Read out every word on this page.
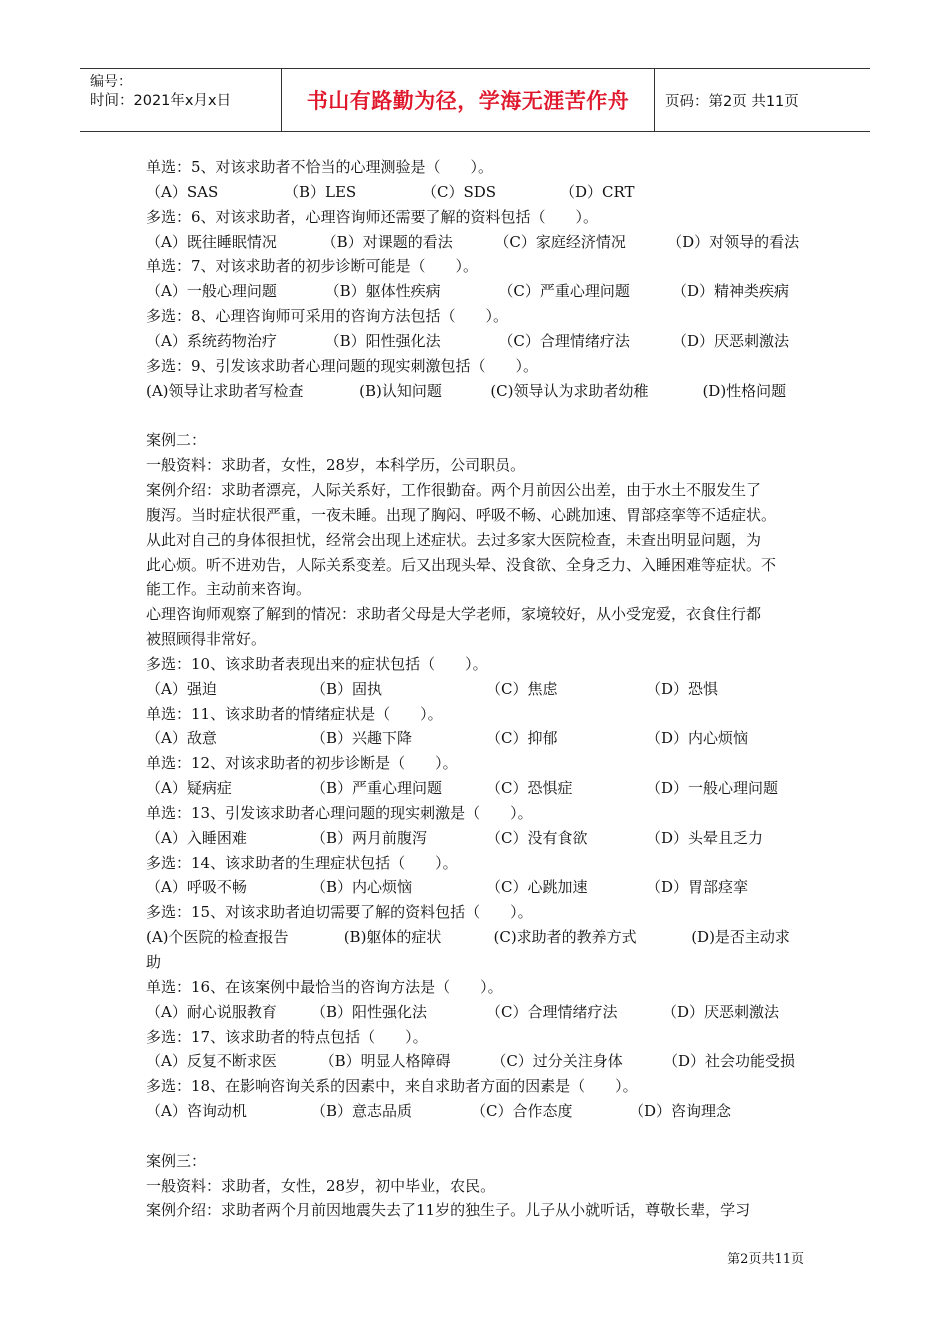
编号：
时间：2021年x月x日	书山有路勤为径，学海无涯苦作舟	页码：第2页 共11页
单选：5、对该求助者不恰当的心理测验是（　　）。
（A）SAS	（B）LES	（C）SDS	（D）CRT
多选：6、对该求助者，心理咨询师还需要了解的资料包括（　　）。
（A）既往睡眠情况	（B）对课题的看法	（C）家庭经济情况	（D）对领导的看法
单选：7、对该求助者的初步诊断可能是（　　）。
（A）一般心理问题	（B）躯体性疾病	（C）严重心理问题	（D）精神类疾病
多选：8、心理咨询师可采用的咨询方法包括（　　）。
（A）系统药物治疗	（B）阳性强化法	（C）合理情绪疗法	（D）厌恶刺激法
多选：9、引发该求助者心理问题的现实刺激包括（　　）。
(A)领导让求助者写检查	(B)认知问题	(C)领导认为求助者幼稚	(D)性格问题
案例二：
一般资料：求助者，女性，28岁，本科学历，公司职员。
案例介绍：求助者漂亮，人际关系好，工作很勤奋。两个月前因公出差，由于水土不服发生了
腹泻。当时症状很严重，一夜未睡。出现了胸闷、呼吸不畅、心跳加速、胃部痉挛等不适症状。
从此对自己的身体很担忧，经常会出现上述症状。去过多家大医院检查，未查出明显问题，为
此心烦。听不进劝告，人际关系变差。后又出现头晕、没食欲、全身乏力、入睡困难等症状。不
能工作。主动前来咨询。
心理咨询师观察了解到的情况：求助者父母是大学老师，家境较好，从小受宠爱，衣食住行都
被照顾得非常好。
多选：10、该求助者表现出来的症状包括（　　）。
（A）强迫	（B）固执	（C）焦虑	（D）恐惧
单选：11、该求助者的情绪症状是（　　）。
（A）敌意	（B）兴趣下降	（C）抑郁	（D）内心烦恼
单选：12、对该求助者的初步诊断是（　　）。
（A）疑病症	（B）严重心理问题	（C）恐惧症	（D）一般心理问题
单选：13、引发该求助者心理问题的现实刺激是（　　）。
（A）入睡困难	（B）两月前腹泻	（C）没有食欲	（D）头晕且乏力
多选：14、该求助者的生理症状包括（　　）。
（A）呼吸不畅	（B）内心烦恼	（C）心跳加速	（D）胃部痉挛
多选：15、对该求助者迫切需要了解的资料包括（　　）。
(A)个医院的检查报告	(B)躯体的症状	(C)求助者的教养方式	(D)是否主动求
助
单选：16、在该案例中最恰当的咨询方法是（　　）。
（A）耐心说服教育	（B）阳性强化法	（C）合理情绪疗法	（D）厌恶刺激法
多选：17、该求助者的特点包括（　　）。
（A）反复不断求医	（B）明显人格障碍	（C）过分关注身体	（D）社会功能受损
多选：18、在影响咨询关系的因素中，来自求助者方面的因素是（　　）。
（A）咨询动机	（B）意志品质	（C）合作态度	（D）咨询理念
案例三：
一般资料：求助者，女性，28岁，初中毕业，农民。
案例介绍：求助者两个月前因地震失去了11岁的独生子。儿子从小就听话，尊敬长辈，学习
第2页共11页
